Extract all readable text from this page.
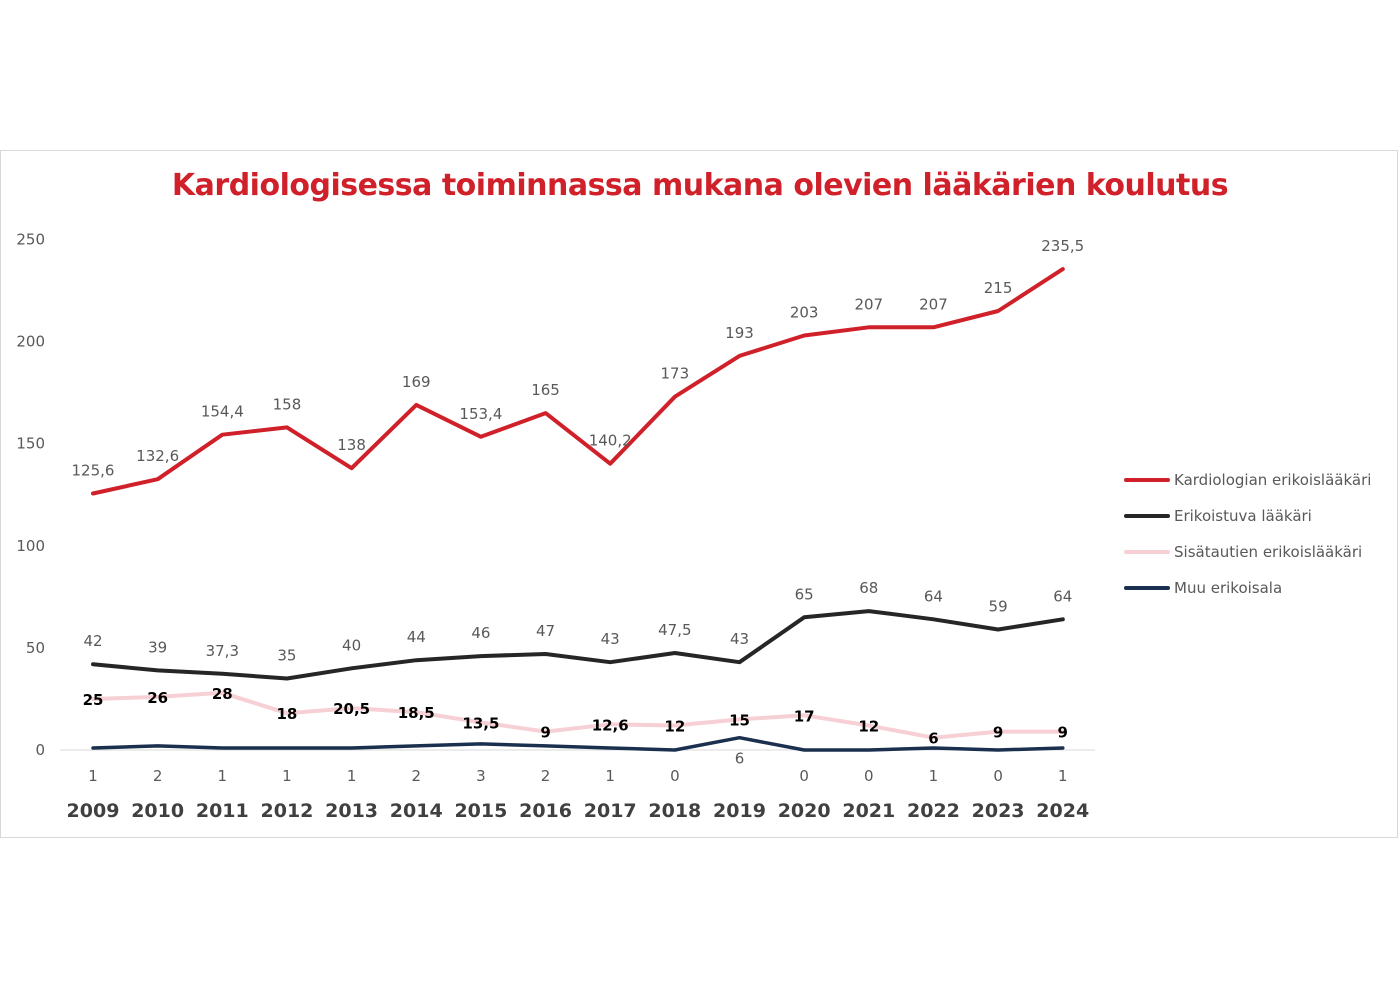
Kardiologisessa toiminnassa mukana olevien lääkärien koulutus
0
50
100
150
200
250
2009 2010 2011 2012 2013 2014 2015 2016 2017 2018 2019 2020 2021 2022 2023 2024
125,6
132,6
154,4 158
138
169
153,4
165
140,2
173
193
203 207 207
215
235,5
42	39	37,3	35
40	44	46	47	43
47,5
43
65	68	64
59
64
25	26	28
18 20,5 18,5
13,5
9	12,6 12	15	17
12
6	9	9
1	2	1	1	1	2	3	2	1	0
6
0	0	1	0	1
Kardiologian erikoislääkäri
Erikoistuva lääkäri
Sisätautien erikoislääkäri
Muu erikoisala
